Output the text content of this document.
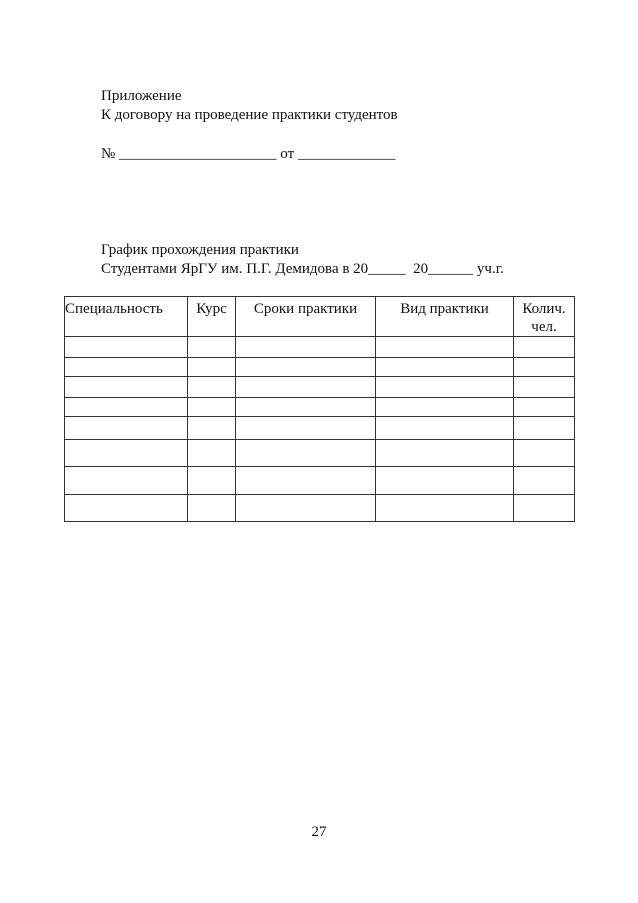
Приложение
К договору на проведение практики студентов
№ _____________________ от _____________
График прохождения практики
Студентами ЯрГУ им. П.Г. Демидова в 20_____  20______ уч.г.
Специальность	Курс	Сроки практики	Вид практики	Колич. чел.

27
